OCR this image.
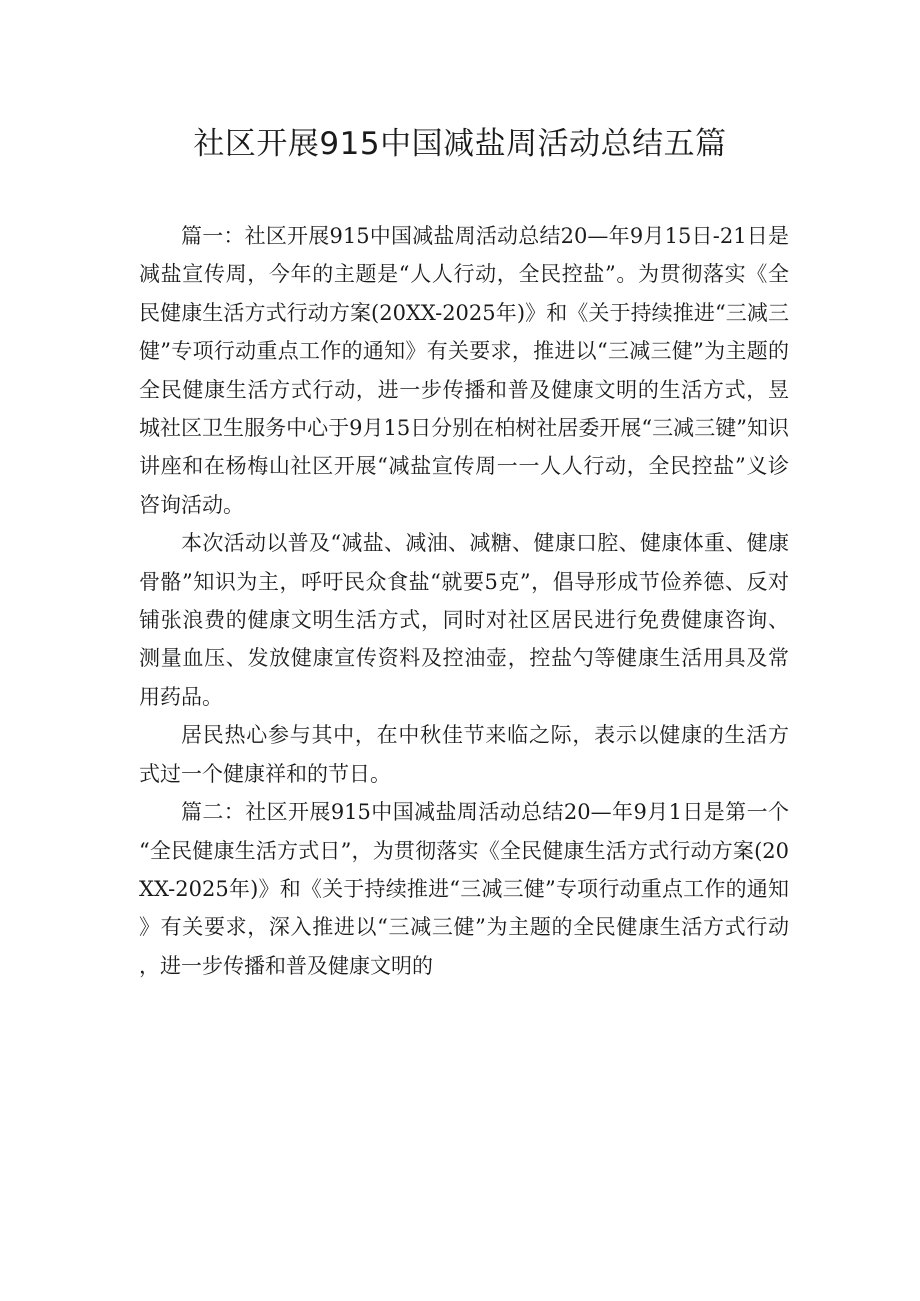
社区开展915中国减盐周活动总结五篇

篇一：社区开展915中国减盐周活动总结20—年9月15日-21日是减盐宣传周，今年的主题是“人人行动，全民控盐”。为贯彻落实《全民健康生活方式行动方案(20XX-2025年)》和《关于持续推进“三减三健”专项行动重点工作的通知》有关要求，推进以“三减三健”为主题的全民健康生活方式行动，进一步传播和普及健康文明的生活方式，昱城社区卫生服务中心于9月15日分别在柏树社居委开展“三减三键”知识讲座和在杨梅山社区开展“减盐宣传周一一人人行动，全民控盐”义诊咨询活动。

本次活动以普及“减盐、减油、减糖、健康口腔、健康体重、健康骨骼”知识为主，呼吁民众食盐“就要5克”，倡导形成节俭养德、反对铺张浪费的健康文明生活方式，同时对社区居民进行免费健康咨询、测量血压、发放健康宣传资料及控油壶，控盐勺等健康生活用具及常用药品。

居民热心参与其中，在中秋佳节来临之际，表示以健康的生活方式过一个健康祥和的节日。

篇二：社区开展915中国减盐周活动总结20—年9月1日是第一个“全民健康生活方式日”，为贯彻落实《全民健康生活方式行动方案(20XX-2025年)》和《关于持续推进“三减三健”专项行动重点工作的通知》有关要求，深入推进以“三减三健”为主题的全民健康生活方式行动，进一步传播和普及健康文明的
